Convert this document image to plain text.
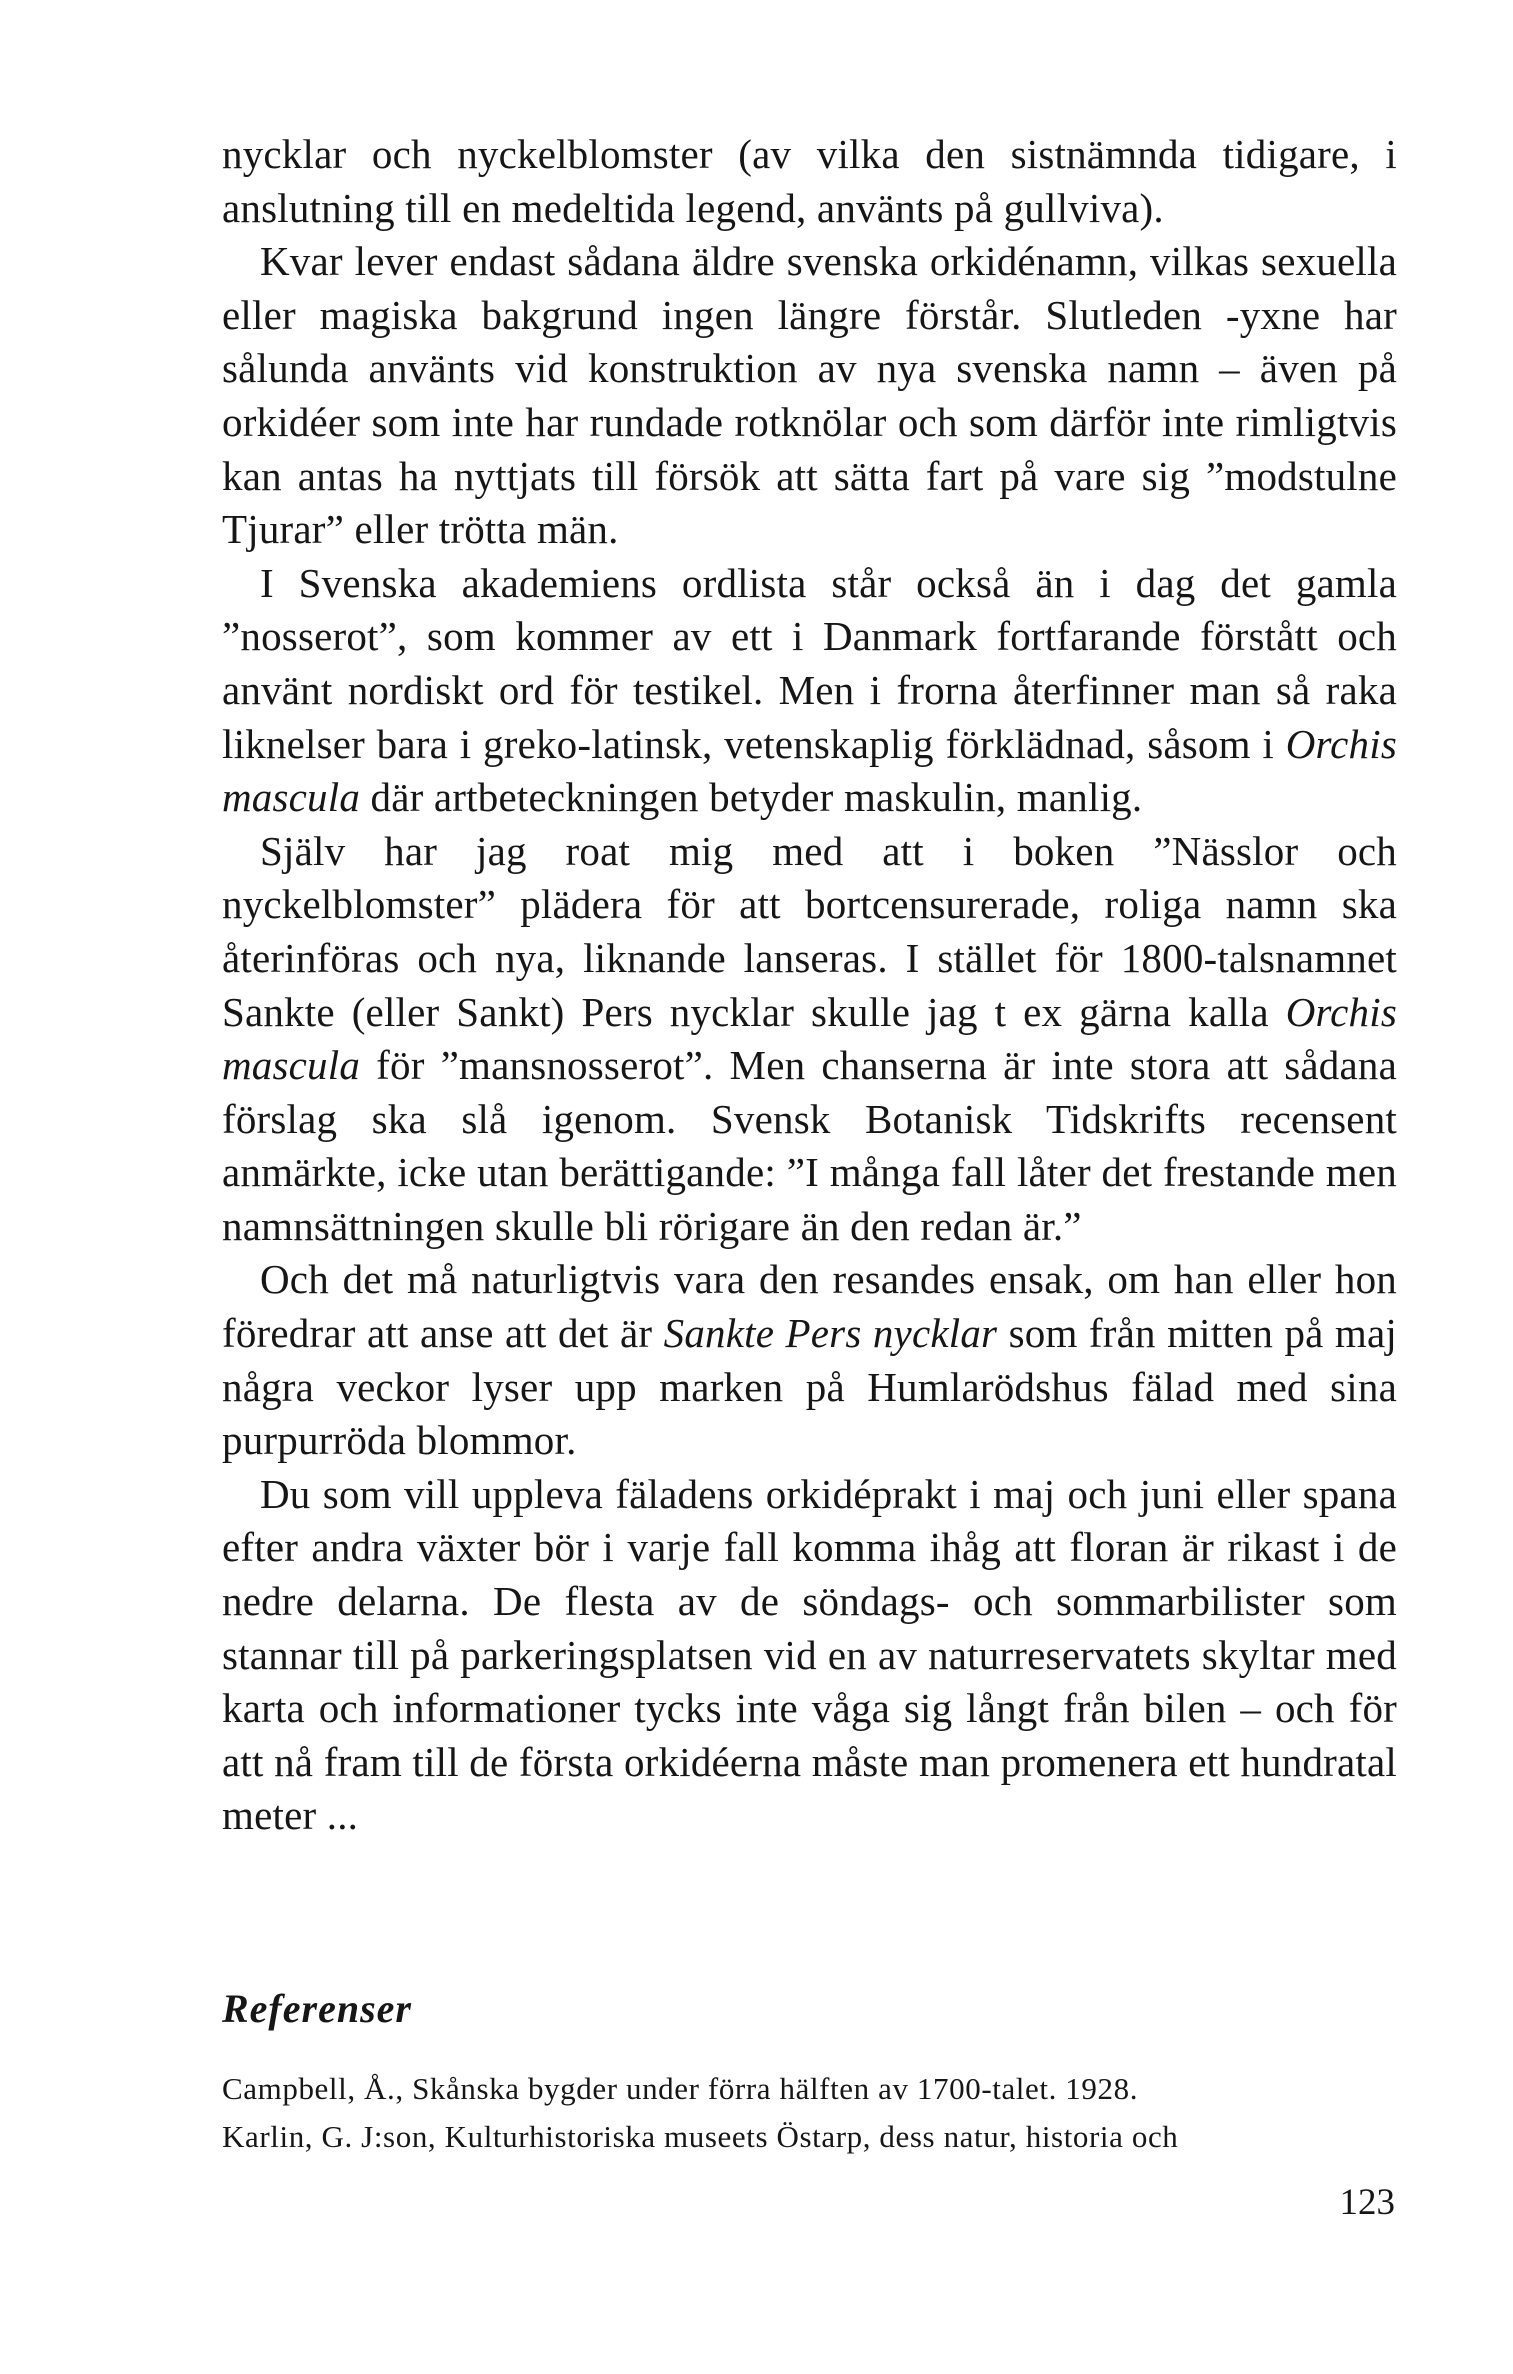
nycklar och nyckelblomster (av vilka den sistnämnda tidigare, i anslutning till en medeltida legend, använts på gullviva).

Kvar lever endast sådana äldre svenska orkidénamn, vilkas sexuella eller magiska bakgrund ingen längre förstår. Slutleden -yxne har sålunda använts vid konstruktion av nya svenska namn – även på orkidéer som inte har rundade rotknölar och som därför inte rimligtvis kan antas ha nyttjats till försök att sätta fart på vare sig ”modstulne Tjurar” eller trötta män.

I Svenska akademiens ordlista står också än i dag det gamla ”nosserot”, som kommer av ett i Danmark fortfarande förstått och använt nordiskt ord för testikel. Men i frorna återfinner man så raka liknelser bara i greko-latinsk, vetenskaplig förklädnad, såsom i Orchis mascula där artbeteckningen betyder maskulin, manlig.

Själv har jag roat mig med att i boken ”Nässlor och nyckelblomster” plädera för att bortcensurerade, roliga namn ska återinföras och nya, liknande lanseras. I stället för 1800-talsnamnet Sankte (eller Sankt) Pers nycklar skulle jag t ex gärna kalla Orchis mascula för ”mansnosserot”. Men chanserna är inte stora att sådana förslag ska slå igenom. Svensk Botanisk Tidskrifts recensent anmärkte, icke utan berättigande: ”I många fall låter det frestande men namnsättningen skulle bli rörigare än den redan är.”

Och det må naturligtvis vara den resandes ensak, om han eller hon föredrar att anse att det är Sankte Pers nycklar som från mitten på maj några veckor lyser upp marken på Humlarödshus fälad med sina purpurröda blommor.

Du som vill uppleva fäladens orkidéprakt i maj och juni eller spana efter andra växter bör i varje fall komma ihåg att floran är rikast i de nedre delarna. De flesta av de söndags- och sommarbilister som stannar till på parkeringsplatsen vid en av naturreservatets skyltar med karta och informationer tycks inte våga sig långt från bilen – och för att nå fram till de första orkidéerna måste man promenera ett hundratal meter ...

Referenser
Campbell, Å., Skånska bygder under förra hälften av 1700-talet. 1928.
Karlin, G. J:son, Kulturhistoriska museets Östarp, dess natur, historia och

123
